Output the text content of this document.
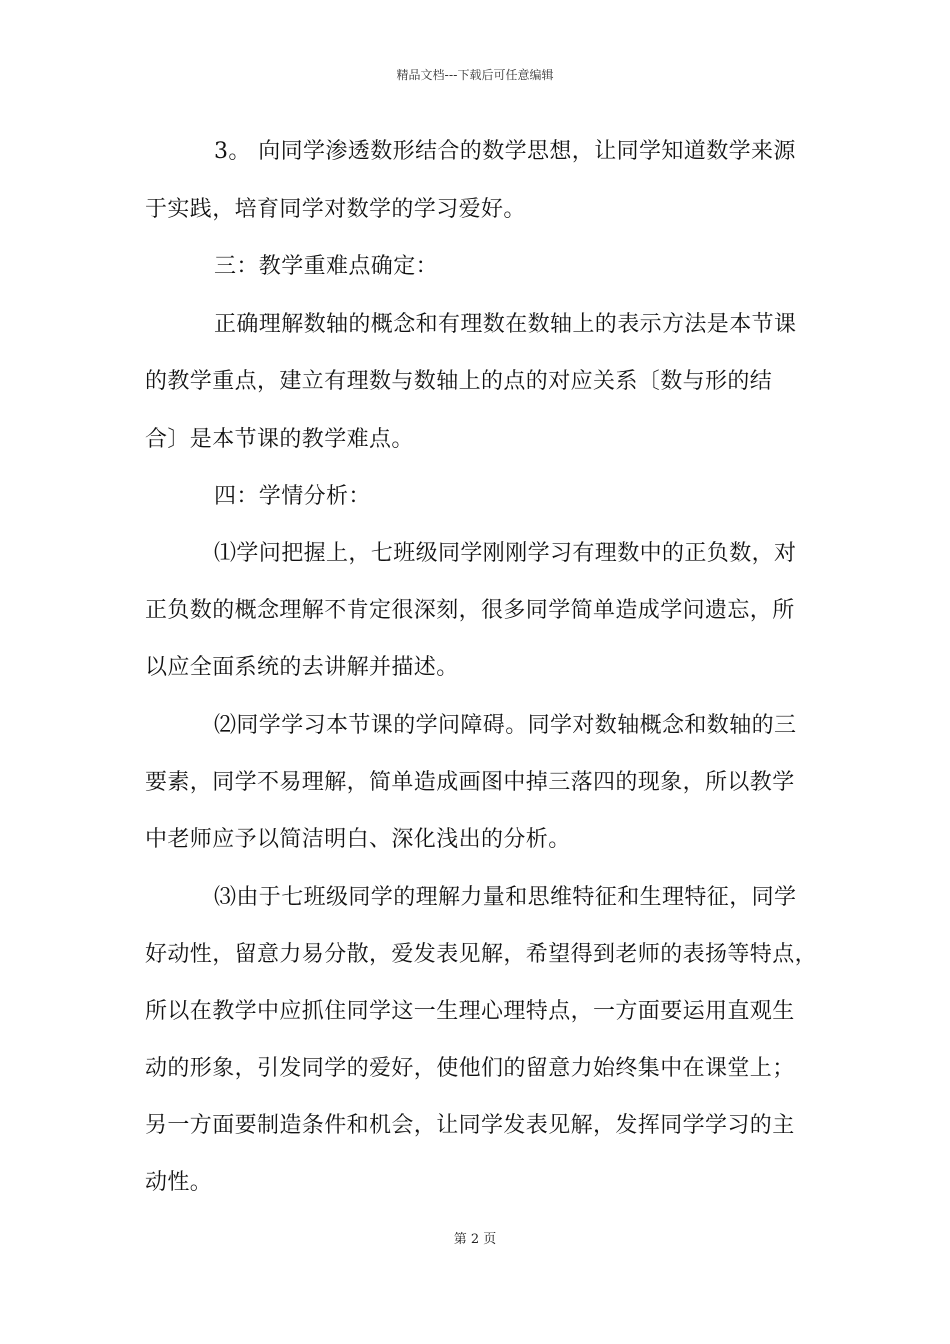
精品文档---下载后可任意编辑
3。 向同学渗透数形结合的数学思想，让同学知道数学来源
于实践，培育同学对数学的学习爱好。
三：教学重难点确定：
正确理解数轴的概念和有理数在数轴上的表示方法是本节课
的教学重点，建立有理数与数轴上的点的对应关系〔数与形的结
合〕是本节课的教学难点。
四：学情分析：
⑴学问把握上，七班级同学刚刚学习有理数中的正负数，对
正负数的概念理解不肯定很深刻，很多同学简单造成学问遗忘，所
以应全面系统的去讲解并描述。
⑵同学学习本节课的学问障碍。同学对数轴概念和数轴的三
要素，同学不易理解，简单造成画图中掉三落四的现象，所以教学
中老师应予以简洁明白、深化浅出的分析。
⑶由于七班级同学的理解力量和思维特征和生理特征，同学
好动性，留意力易分散，爱发表见解，希望得到老师的表扬等特点，
所以在教学中应抓住同学这一生理心理特点，一方面要运用直观生
动的形象，引发同学的爱好，使他们的留意力始终集中在课堂上；
另一方面要制造条件和机会，让同学发表见解，发挥同学学习的主
动性。
第 2 页
